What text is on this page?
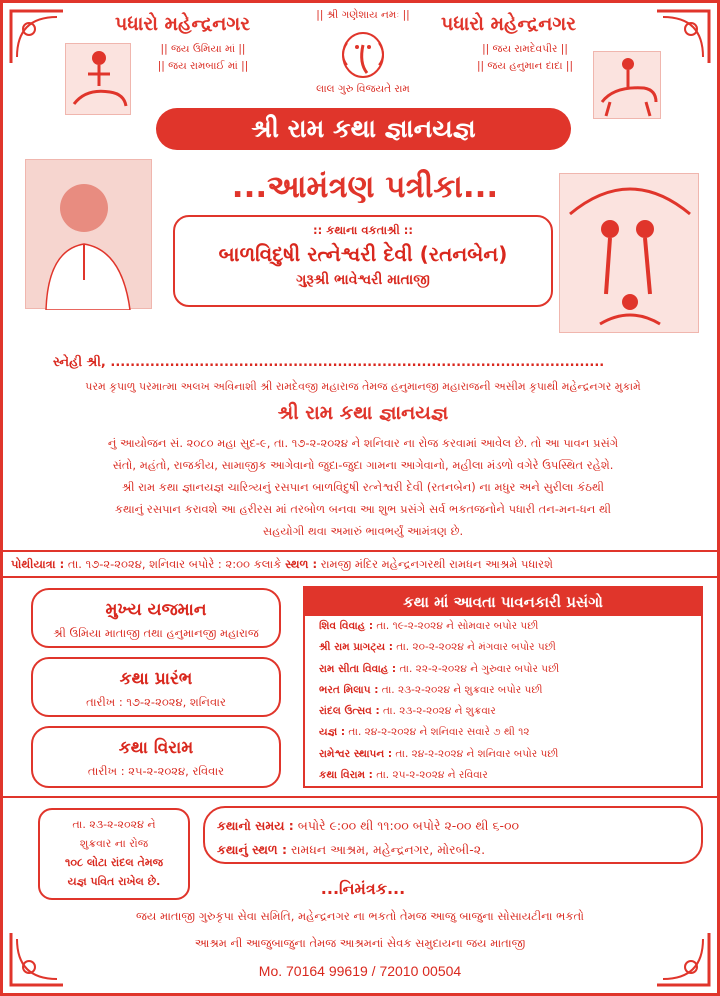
પધારો મહેન્દ્રનગર
|| જય ઉમિયા માં ||
|| જય રામબાઈ માં ||
પધારો મહેન્દ્રનગર
|| જય રામદેવપીર ||
|| જય હનુમાન દાદા ||
|| શ્રી ગણેશાય નમઃ ||
લાલ ગુરુ વિજયતે રામ
શ્રી રામ કથા જ્ઞાનયજ્ઞ
...આમંત્રણ પત્રીકા...
:: કથાના વકતાશ્રી ::
બાળવિદુષી રત્નેશ્વરી દેવી (રતનબેન)
ગુરૂશ્રી ભાવેશ્વરી માતાજી
સ્નેહી શ્રી, ....................................................................................................
પરમ કૃપાળુ પરમાત્મા અલખ અવિનાશી શ્રી રામદેવજી મહારાજ તેમજ હનુમાનજી મહારાજની અસીમ કૃપાથી મહેન્દ્રનગર મુકામે
શ્રી રામ કથા જ્ઞાનયજ્ઞ
નું આયોજન સં. ૨૦૮૦ મહા સુદ-૯, તા. ૧૭-૨-૨૦૨૪ ને શનિવાર ના રોજ કરવામાં આવેલ છે. તો આ પાવન પ્રસંગે
સંતો, મહંતો, રાજકીય, સામાજીક આગેવાનો જુદા-જુદા ગામના આગેવાનો, મહીલા મંડળો વગેરે ઉપસ્થિત રહેશે.
શ્રી રામ કથા જ્ઞાનયજ્ઞ ચારિત્ર્યનું રસપાન બાળવિદુષી રત્નેશ્વરી દેવી (રતનબેન) ના મધુર અને સુરીલા કંઠથી
કથાનું રસપાન કરાવશે આ હરીરસ માં તરબોળ બનવા આ શુભ પ્રસંગે સર્વ ભકતજનોને પધારી તન-મન-ધન થી
સહયોગી થવા અમારું ભાવભર્યું આમંત્રણ છે.
પોથીયાત્રા : તા. ૧૭-૨-૨૦૨૪, શનિવાર બપોરે : ૨:૦૦ કલાકે સ્થળ : રામજી મંદિર મહેન્દ્રનગરથી રામધન આશ્રમે પધારશે
મુખ્ય યજમાન
શ્રી ઉમિયા માતાજી તથા હનુમાનજી મહારાજ
કથા પ્રારંભ
તારીખ : ૧૭-૨-૨૦૨૪, શનિવાર
કથા વિરામ
તારીખ : ૨૫-૨-૨૦૨૪, રવિવાર
કથા માં આવતા પાવનકારી પ્રસંગો
શિવ વિવાહ : તા. ૧૯-૨-૨૦૨૪ ને સોમવાર બપોર પછી
શ્રી રામ પ્રાગટ્ય : તા. ૨૦-૨-૨૦૨૪ ને મંગવાર બપોર પછી
રામ સીતા વિવાહ : તા. ૨૨-૨-૨૦૨૪ ને ગુરુવાર બપોર પછી
ભરત મિલાપ : તા. ૨૩-૨-૨૦૨૪ ને શુક્રવાર બપોર પછી
રાંદલ ઉત્સવ : તા. ૨૩-૨-૨૦૨૪ ને શુક્રવાર
યજ્ઞ : તા. ૨૪-૨-૨૦૨૪ ને શનિવાર સવારે ૭ થી ૧૨
રામેશ્વર સ્થાપન : તા. ૨૪-૨-૨૦૨૪ ને શનિવાર બપોર પછી
કથા વિરામ : તા. ૨૫-૨-૨૦૨૪ ને રવિવાર
તા. ૨૩-૨-૨૦૨૪ ને
શુક્રવાર ના રોજ
૧૦૮ લોટા રાંદલ તેમજ
યજ્ઞ પવિત રાખેલ છે.
કથાનો સમય : બપોરે ૯:૦૦ થી ૧૧:૦૦ બપોરે ૨-૦૦ થી ૬-૦૦
કથાનું સ્થળ : રામધન આશ્રમ, મહેન્દ્રનગર, મોરબી-૨.
...નિમંત્રક...
જય માતાજી ગુરુકૃપા સેવા સમિતિ, મહેન્દ્રનગર ના ભકતો તેમજ આજુ બાજુના સોસાયટીના ભકતો
આશ્રમ ની આજુબાજુના તેમજ આશ્રમનાં સેવક સમુદાયના જય માતાજી
Mo. 70164 99619 / 72010 00504
